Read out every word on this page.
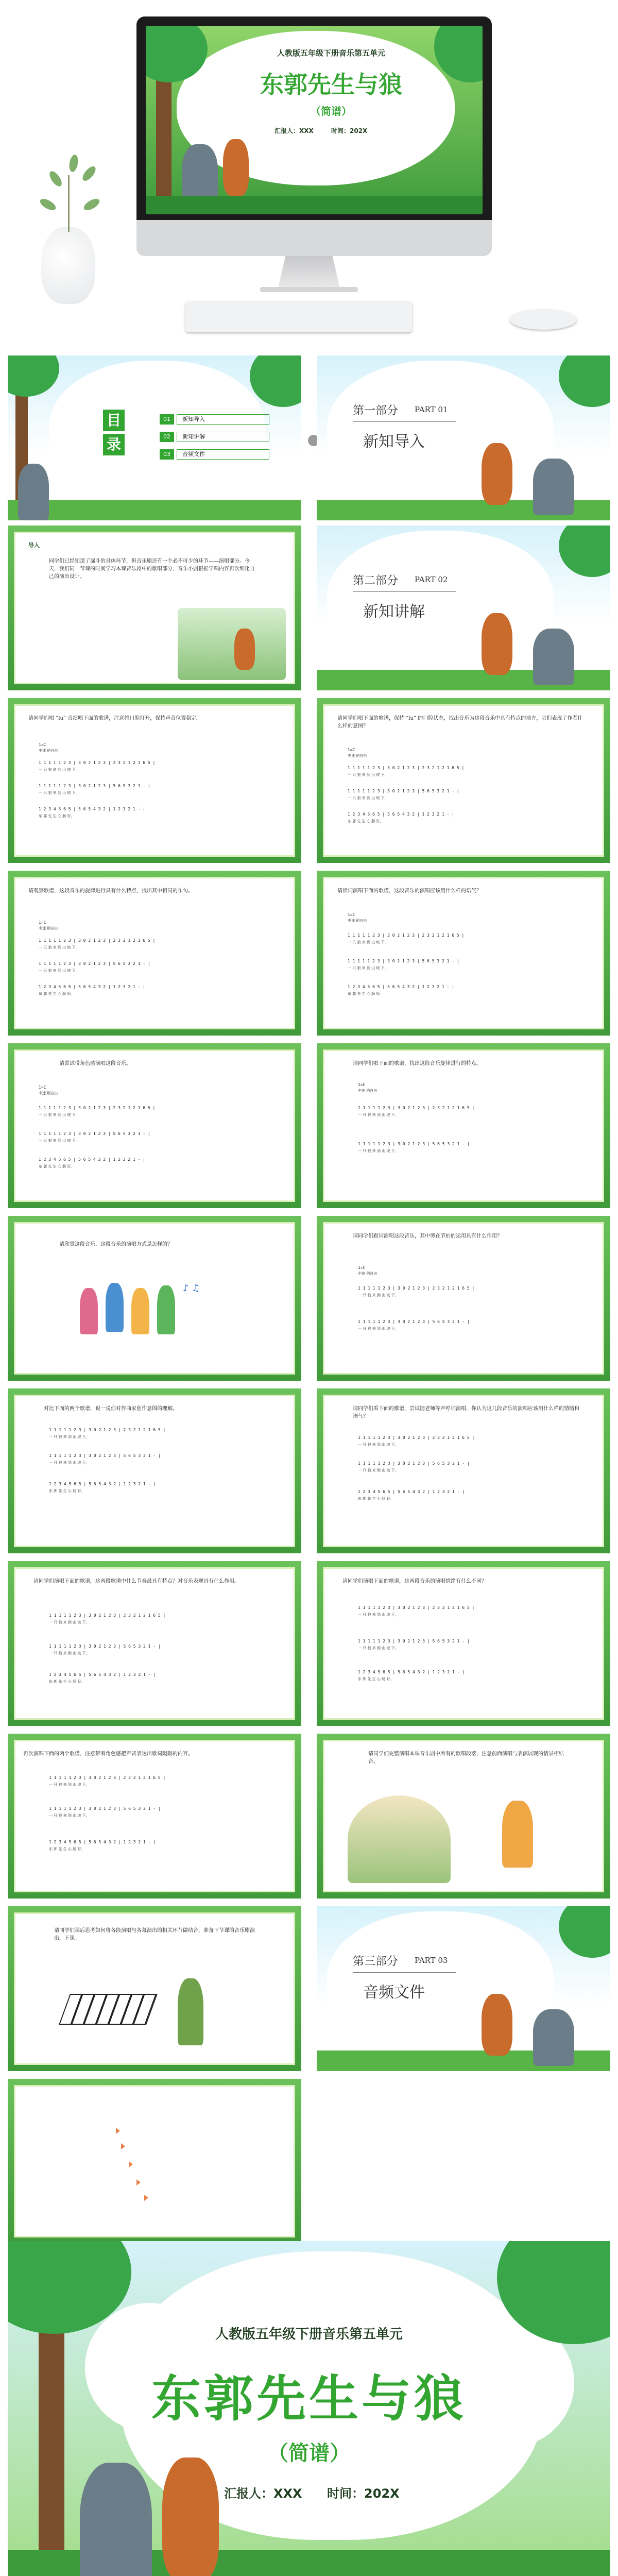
人教版五年级下册音乐第五单元
东郭先生与狼
（简谱）
汇报人：XXX	时间：202X
目
录
01 新知导入
02 新知讲解
03 音频文件
第一部分 PART 01
新知导入
导入
同学们已经知道了漏斗的具体环节，但音乐剧还有一个必不可少的环节——演唱部分。今天，我们同一节课的时间学习本课音乐剧中的歌唱部分，音乐小剧根据学唱内容再次细化自己的演出设计。	第二部分 PART 02
新知讲解
请同学们唱 “lu” 音演唱下面的歌谱，注意将口腔打开，保持声音位置稳定。
1=C
中速 稍自由
1 1 1 1 1 2 3 | 3 0 2 1 2 3 | 2 3 2 1 2 1 6 5 |
一 只 狼 来 到 山 坡 下，
1 1 1 1 1 2 3 | 3 0 2 1 2 3 | 5 6 5 3 2 1 - |
一 只 狼 来 到 山 坡 下，
1 2 3 4 5 6 5 | 5 6 5 4 3 2 | 1 2 3 2 1 - |
东 郭 先 生 心 肠 好。
请同学们唱下面的歌谱，保持 “lu” 的口腔状态，找出音乐为这段音乐中具有特点的地方，它们表现了作者什么样的意图？
1=C
中速 稍自由
1 1 1 1 1 2 3 | 3 0 2 1 2 3 | 2 3 2 1 2 1 6 5 |
一 只 狼 来 到 山 坡 下，
1 1 1 1 1 2 3 | 3 0 2 1 2 3 | 5 6 5 3 2 1 - |
一 只 狼 来 到 山 坡 下，
1 2 3 4 5 6 5 | 5 6 5 4 3 2 | 1 2 3 2 1 - |
东 郭 先 生 心 肠 好。
请观察歌谱，这段音乐的旋律进行具有什么特点，找出其中相同的乐句。
1=C
中速 稍自由
1 1 1 1 1 2 3 | 3 0 2 1 2 3 | 2 3 2 1 2 1 6 5 |
一 只 狼 来 到 山 坡 下，
1 1 1 1 1 2 3 | 3 0 2 1 2 3 | 5 6 5 3 2 1 - |
一 只 狼 来 到 山 坡 下，
1 2 3 4 5 6 5 | 5 6 5 4 3 2 | 1 2 3 2 1 - |
东 郭 先 生 心 肠 好。
请读词演唱下面的歌谱，这段音乐的演唱应该用什么样的语气？
1=C
中速 稍自由
1 1 1 1 1 2 3 | 3 0 2 1 2 3 | 2 3 2 1 2 1 6 5 |
一 只 狼 来 到 山 坡 下，
1 1 1 1 1 2 3 | 3 0 2 1 2 3 | 5 6 5 3 2 1 - |
一 只 狼 来 到 山 坡 下，
1 2 3 4 5 6 5 | 5 6 5 4 3 2 | 1 2 3 2 1 - |
东 郭 先 生 心 肠 好。
请尝试带角色感演唱这段音乐。
1=C
中速 稍自由
1 1 1 1 1 2 3 | 3 0 2 1 2 3 | 2 3 2 1 2 1 6 5 |
一 只 狼 来 到 山 坡 下，
1 1 1 1 1 2 3 | 3 0 2 1 2 3 | 5 6 5 3 2 1 - |
一 只 狼 来 到 山 坡 下，
1 2 3 4 5 6 5 | 5 6 5 4 3 2 | 1 2 3 2 1 - |
东 郭 先 生 心 肠 好。
请同学们唱下面的歌谱，找出这段音乐旋律进行的特点。
1=C
中速 稍自由
1 1 1 1 1 2 3 | 3 0 2 1 2 3 | 2 3 2 1 2 1 6 5 |
一 只 狼 来 到 山 坡 下，
1 1 1 1 1 2 3 | 3 0 2 1 2 3 | 5 6 5 3 2 1 - |
一 只 狼 来 到 山 坡 下，
请欣赏这段音乐，这段音乐的演唱方式是怎样的？
♪ ♫
请同学们跟词演唱这段音乐，其中剪在节拍的运用具有什么作用？
1=C
中速 稍自由
1 1 1 1 1 2 3 | 3 0 2 1 2 3 | 2 3 2 1 2 1 6 5 |
一 只 狼 来 到 山 坡 下，
1 1 1 1 1 2 3 | 3 0 2 1 2 3 | 5 6 5 3 2 1 - |
一 只 狼 来 到 山 坡 下，
对比下面的两个歌谱，说一说你对作曲家创作意图的理解。
1 1 1 1 1 2 3 | 3 0 2 1 2 3 | 2 3 2 1 2 1 6 5 |
一 只 狼 来 到 山 坡 下，
1 1 1 1 1 2 3 | 3 0 2 1 2 3 | 5 6 5 3 2 1 - |
一 只 狼 来 到 山 坡 下，
1 2 3 4 5 6 5 | 5 6 5 4 3 2 | 1 2 3 2 1 - |
东 郭 先 生 心 肠 好。
请同学们看下面的歌谱，尝试随老师等声哼词演唱，你认为这几段音乐的演唱应该用什么样的情绪和语气？
1 1 1 1 1 2 3 | 3 0 2 1 2 3 | 2 3 2 1 2 1 6 5 |
一 只 狼 来 到 山 坡 下，
1 1 1 1 1 2 3 | 3 0 2 1 2 3 | 5 6 5 3 2 1 - |
一 只 狼 来 到 山 坡 下，
1 2 3 4 5 6 5 | 5 6 5 4 3 2 | 1 2 3 2 1 - |
东 郭 先 生 心 肠 好。
请同学们演唱下面的歌谱，这两段歌谱中什么节奏最具有特点？对音乐表现具有什么作用。
1 1 1 1 1 2 3 | 3 0 2 1 2 3 | 2 3 2 1 2 1 6 5 |
一 只 狼 来 到 山 坡 下，
1 1 1 1 1 2 3 | 3 0 2 1 2 3 | 5 6 5 3 2 1 - |
一 只 狼 来 到 山 坡 下，
1 2 3 4 5 6 5 | 5 6 5 4 3 2 | 1 2 3 2 1 - |
东 郭 先 生 心 肠 好。
请同学们演唱下面的歌谱，这两段音乐的演唱情绪有什么不同？
1 1 1 1 1 2 3 | 3 0 2 1 2 3 | 2 3 2 1 2 1 6 5 |
一 只 狼 来 到 山 坡 下，
1 1 1 1 1 2 3 | 3 0 2 1 2 3 | 5 6 5 3 2 1 - |
一 只 狼 来 到 山 坡 下，
1 2 3 4 5 6 5 | 5 6 5 4 3 2 | 1 2 3 2 1 - |
东 郭 先 生 心 肠 好。
再次演唱下面的两个歌谱，注意带着角色感把声音表达出歌词隔隔的内容。
1 1 1 1 1 2 3 | 3 0 2 1 2 3 | 2 3 2 1 2 1 6 5 |
一 只 狼 来 到 山 坡 下，
1 1 1 1 1 2 3 | 3 0 2 1 2 3 | 5 6 5 3 2 1 - |
一 只 狼 来 到 山 坡 下，
1 2 3 4 5 6 5 | 5 6 5 4 3 2 | 1 2 3 2 1 - |
东 郭 先 生 心 肠 好。
请同学们完整演唱本课音乐剧中所有的歌唱段落，注意前面演唱与表演展现的情景相结合。
请同学们课后思考如何将各段演唱与各幕演出的相关环节做结合，准备下节课的音乐剧演出，下课。
第三部分 PART 03
音频文件
人教版五年级下册音乐第五单元
东郭先生与狼
（简谱）
汇报人：XXX 时间：202X
